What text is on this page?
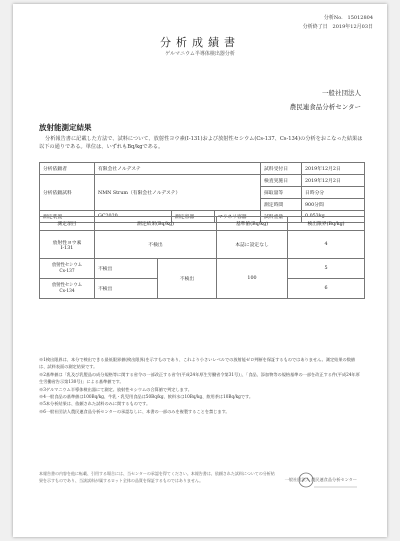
分析No. 15012804
分析終了日 2019年12月03日
分析成績書
ゲルマニウム半導体検出器分析
一般社団法人
農民連食品分析センター
放射能測定結果
分析報告書に記載した方法で、試料について、放射性ヨウ素(I-131)および放射性セシウム(Cs-137、Cs-134)の分析をおこなった結果は以下の通りである。単位は、いずれもBq/kgである。
分析依頼者	有限会社ノルデステ			試料受付日	2019年12月2日
分析依頼試料	NMN Strum（有限会社ノルデステ）			検査実施日	2019年12月2日
				採取量等	日時分分
				測定時間	900分間
測定装置	GC2020	測定容器	マリネリ容器	試料重量	0.053kg
測定項目	測定結果(Bq/kg)		基準値(Bq/kg)	検出限界(Bq/kg)

放射性ヨウ素
I-131	不検出		本誌に設定なし	4

放射性セシウム
Cs-137	不検出	不検出	100	5

放射性セシウム
Cs-134	不検出			6
※1検出限界は、本分で検出できる最低限界値(検出限界)を示すものであり、これより小さいレベルでの放射能ゼロ判断を保証するものではありません。測定結果の数値は、試料表面の測定結果です。
※2基準値は「乳及び乳製品の成分規格等に関する省令の一部改正する省令(平成24年厚生労働省令第31号)」、「食品、添加物等の規格基準の一部を改正する件(平成24年厚生労働省告示第130号)」による基準値です。
※3ゲルマニウム半導体検出器にて測定。放射性セシウムの合算値で判定します。
※4一般食品の基準値は100Bq/kg、牛乳・乳児用食品は50Bq/kg、飲料水は10Bq/kg、飲用茶は10Bq/kgです。
※5本分析結果は、依頼された試料のみに関するものです。
※6一般社団法人農民連食品分析センターの承認なしに、本書の一部のみを複製することを禁じます。
本報告書の内容を他に転載、引用する場合には、当センターの承認を得てください。本報告書は、依頼された試料についての分析結果を示すものであり、当該試料が属するロット全体の品質を保証するものではありません。	一般社団法人 農民連食品分析センター
